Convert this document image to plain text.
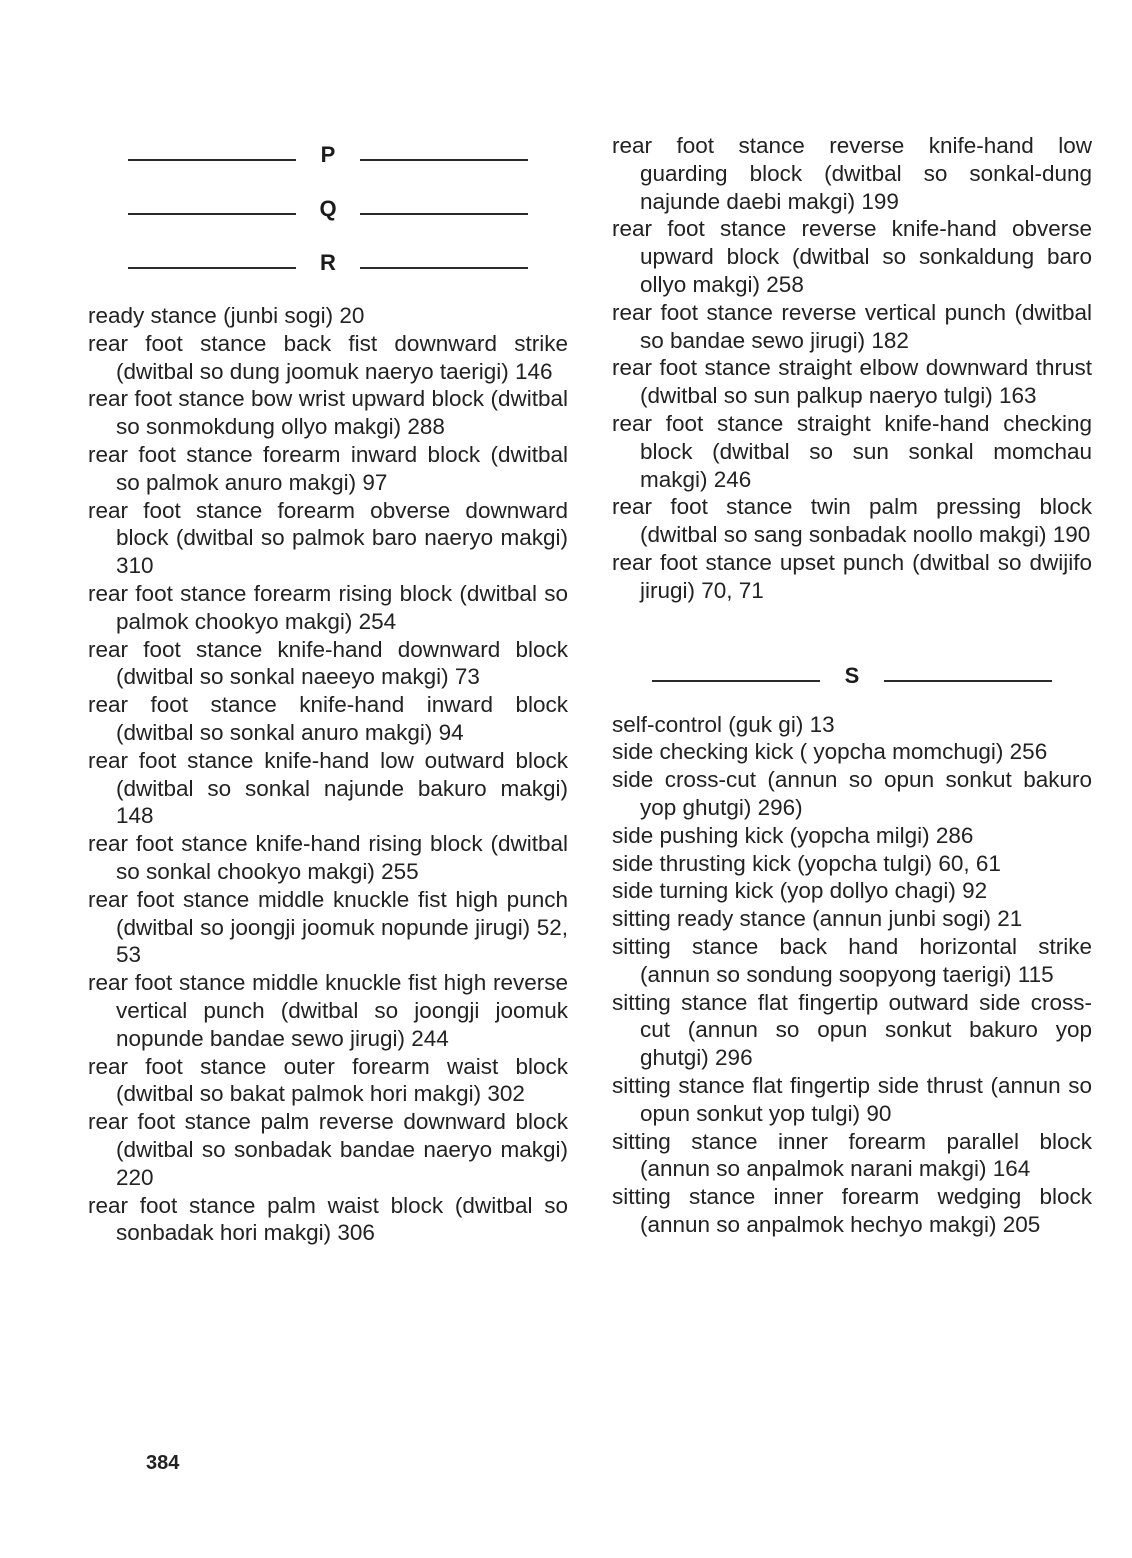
P
Q
R
ready stance (junbi sogi) 20
rear foot stance back fist downward strike (dwitbal so dung joomuk naeryo taerigi) 146
rear foot stance bow wrist upward block (dwitbal so sonmokdung ollyo makgi) 288
rear foot stance forearm inward block (dwitbal so palmok anuro makgi) 97
rear foot stance forearm obverse downward block (dwitbal so palmok baro naeryo makgi) 310
rear foot stance forearm rising block (dwitbal so palmok chookyo makgi) 254
rear foot stance knife-hand downward block (dwitbal so sonkal naeeyo makgi) 73
rear foot stance knife-hand inward block (dwitbal so sonkal anuro makgi) 94
rear foot stance knife-hand low outward block (dwitbal so sonkal najunde bakuro makgi) 148
rear foot stance knife-hand rising block (dwitbal so sonkal chookyo makgi) 255
rear foot stance middle knuckle fist high punch (dwitbal so joongji joomuk nopunde jirugi) 52, 53
rear foot stance middle knuckle fist high reverse vertical punch (dwitbal so joongji joomuk nopunde bandae sewo jirugi) 244
rear foot stance outer forearm waist block (dwitbal so bakat palmok hori makgi) 302
rear foot stance palm reverse downward block (dwitbal so sonbadak bandae naeryo makgi) 220
rear foot stance palm waist block (dwitbal so sonbadak hori makgi) 306
rear foot stance reverse knife-hand low guarding block (dwitbal so sonkal-dung najunde daebi makgi) 199
rear foot stance reverse knife-hand obverse upward block (dwitbal so sonkaldung baro ollyo makgi) 258
rear foot stance reverse vertical punch (dwitbal so bandae sewo jirugi) 182
rear foot stance straight elbow downward thrust (dwitbal so sun palkup naeryo tulgi) 163
rear foot stance straight knife-hand checking block (dwitbal so sun sonkal momchau makgi) 246
rear foot stance twin palm pressing block (dwitbal so sang sonbadak noollo makgi) 190
rear foot stance upset punch (dwitbal so dwijifo jirugi) 70, 71
S
self-control (guk gi) 13
side checking kick ( yopcha momchugi) 256
side cross-cut (annun so opun sonkut bakuro yop ghutgi) 296)
side pushing kick (yopcha milgi) 286
side thrusting kick (yopcha tulgi) 60, 61
side turning kick (yop dollyo chagi) 92
sitting ready stance (annun junbi sogi) 21
sitting stance back hand horizontal strike (annun so sondung soopyong taerigi) 115
sitting stance flat fingertip outward side cross-cut (annun so opun sonkut bakuro yop ghutgi) 296
sitting stance flat fingertip side thrust (annun so opun sonkut yop tulgi) 90
sitting stance inner forearm parallel block (annun so anpalmok narani makgi) 164
sitting stance inner forearm wedging block (annun so anpalmok hechyo makgi) 205
384
